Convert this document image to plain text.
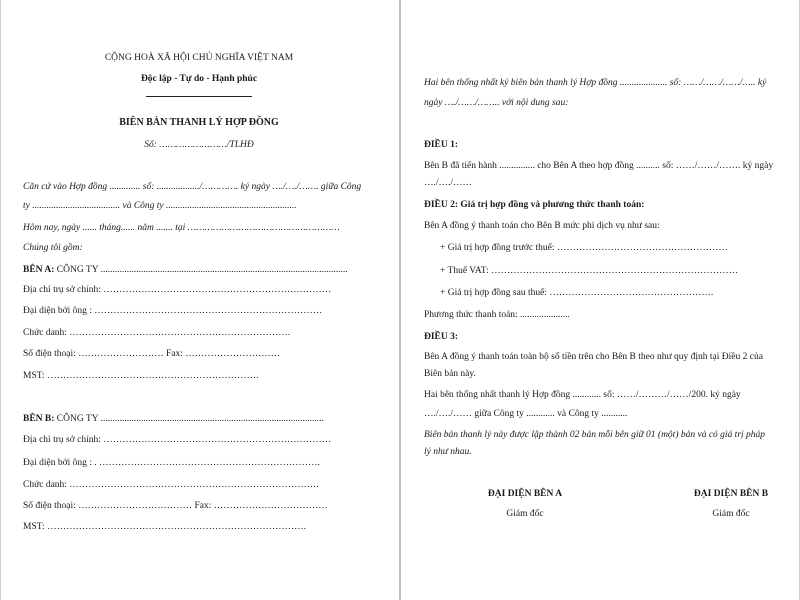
CỘNG HOÀ XÃ HỘI CHỦ NGHĨA VIỆT NAM
Độc lập - Tự do - Hạnh phúc
BIÊN BẢN THANH LÝ HỢP ĐỒNG
Số: ……………………/TLHĐ
Căn cứ vào Hợp đồng ............. số: ................../…………. ký ngày …./…./……. giữa Công
ty ..................................... và Công ty .......................................................
Hôm nay, ngày ...... tháng...... năm ....... tại ………………………………………………
Chúng tôi gồm:
BÊN A: CÔNG TY ........................................................................................................
Địa chỉ trụ sở chính: ………………………………………………………………
Đại diện bởi ông : ………………………………………………………………
Chức danh: …………………………………………………………….
Số điện thoại: ……………………… Fax: …………………………
MST: ………………………………………………………….
BÊN B: CÔNG TY ..............................................................................................
Địa chỉ trụ sở chính: ………………………………………………………………
Đại diện bởi ông : . …………………………………………………………….
Chức danh: …………………………………………………………………….
Số điện thoại: ……………………………… Fax: ………………………………
MST: ……………………………………………………………………….
Hai bên thống nhất ký biên bản thanh lý Hợp đồng .................... số: ……/……/……/….. ký
ngày …./……/…….. với nội dung sau:
ĐIỀU 1:
Bên B đã tiến hành ............... cho Bên A theo hợp đồng .......... số: ……/……/……. ký ngày
…./…./……
ĐIỀU 2: Giá trị hợp đồng và phương thức thanh toán:
Bên A đồng ý thanh toán cho Bên B mức phí dịch vụ như sau:
+ Giá trị hợp đồng trước thuế: ………………………………………………
+ Thuế VAT: ……………………………………………………………………
+ Giá trị hợp đồng sau thuế: …………………………………………….
Phương thức thanh toán: .....................
ĐIỀU 3:
Bên A đồng ý thanh toán toàn bộ số tiền trên cho Bên B theo như quy định tại Điều 2 của
Biên bản này.
Hai bên thống nhất thanh lý Hợp đồng ............ số: ……/………/……/200. ký ngày
…./…./…… giữa Công ty ............ và Công ty ...........
Biên bản thanh lý này được lập thành 02 bản mỗi bên giữ 01 (một) bản và có giá trị pháp
lý như nhau.
ĐẠI DIỆN BÊN A
Giám đốc
ĐẠI DIỆN BÊN B
Giám đốc
